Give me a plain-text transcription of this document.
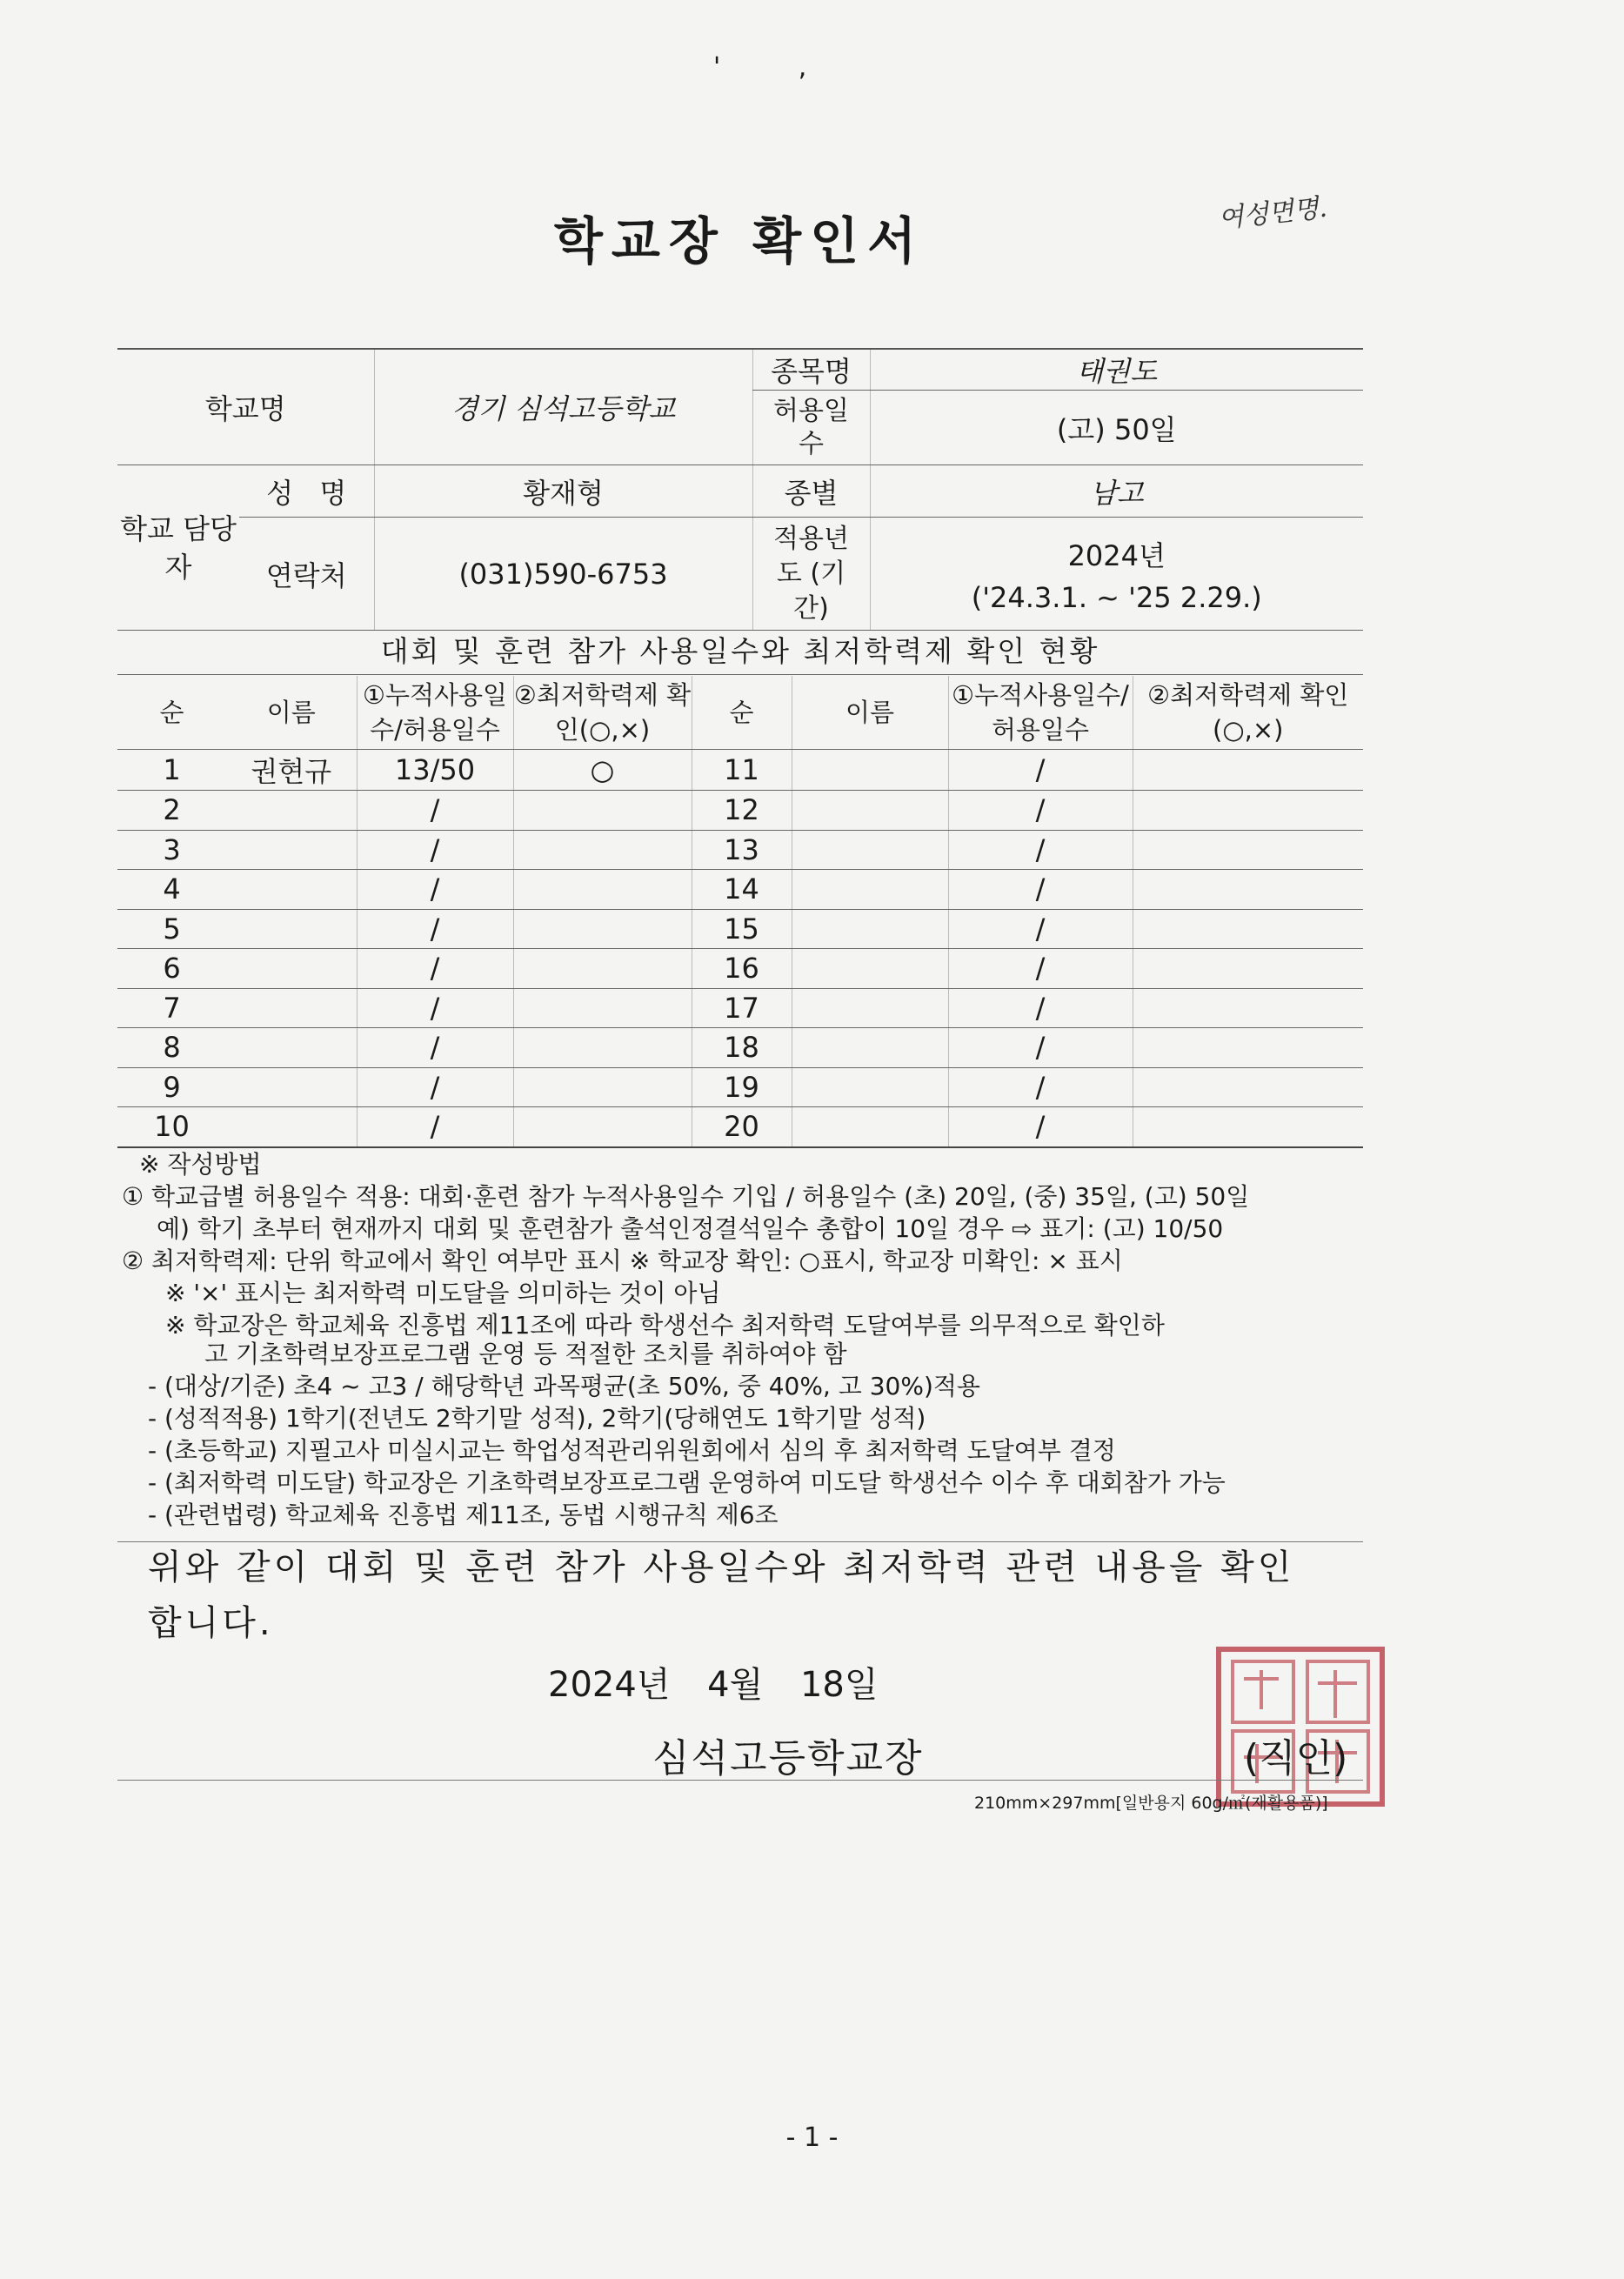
' ,
학교장 확인서	여성면명.
학교명		경기 심석고등학교	종목명	태권도
			허용일수	(고) 50일
학교 담당자	성 명	황재형	종별	남고
	연락처	(031)590-6753	적용년도 (기간)	2024년
('24.3.1. ~ '25 2.29.)
대회 및 훈련 참가 사용일수와 최저학력제 확인 현황
순	이름	①누적사용일수/허용일수	②최저학력제 확인(○,×)	순	이름	①누적사용일수/허용일수	②최저학력제 확인(○,×)
1	권현규	13/50	○	11		/	
2		/		12		/	
3		/		13		/	
4		/		14		/	
5		/		15		/	
6		/		16		/	
7		/		17		/	
8		/		18		/	
9		/		19		/	
10		/		20		/	
※ 작성방법
① 학교급별 허용일수 적용: 대회·훈련 참가 누적사용일수 기입 / 허용일수 (초) 20일, (중) 35일, (고) 50일
예) 학기 초부터 현재까지 대회 및 훈련참가 출석인정결석일수 총합이 10일 경우 ⇨ 표기: (고) 10/50
② 최저학력제: 단위 학교에서 확인 여부만 표시 ※ 학교장 확인: ○표시, 학교장 미확인: × 표시
※ '×' 표시는 최저학력 미도달을 의미하는 것이 아님
※ 학교장은 학교체육 진흥법 제11조에 따라 학생선수 최저학력 도달여부를 의무적으로 확인하
고 기초학력보장프로그램 운영 등 적절한 조치를 취하여야 함
- (대상/기준) 초4 ~ 고3 / 해당학년 과목평균(초 50%, 중 40%, 고 30%)적용
- (성적적용) 1학기(전년도 2학기말 성적), 2학기(당해연도 1학기말 성적)
- (초등학교) 지필고사 미실시교는 학업성적관리위원회에서 심의 후 최저학력 도달여부 결정
- (최저학력 미도달) 학교장은 기초학력보장프로그램 운영하여 미도달 학생선수 이수 후 대회참가 가능
- (관련법령) 학교체육 진흥법 제11조, 동법 시행규칙 제6조
위와 같이 대회 및 훈련 참가 사용일수와 최저학력 관련 내용을 확인
합니다.
2024년 4월 18일
심석고등학교장	(직인)
210mm×297mm[일반용지 60g/㎡(재활용품)]
- 1 -
